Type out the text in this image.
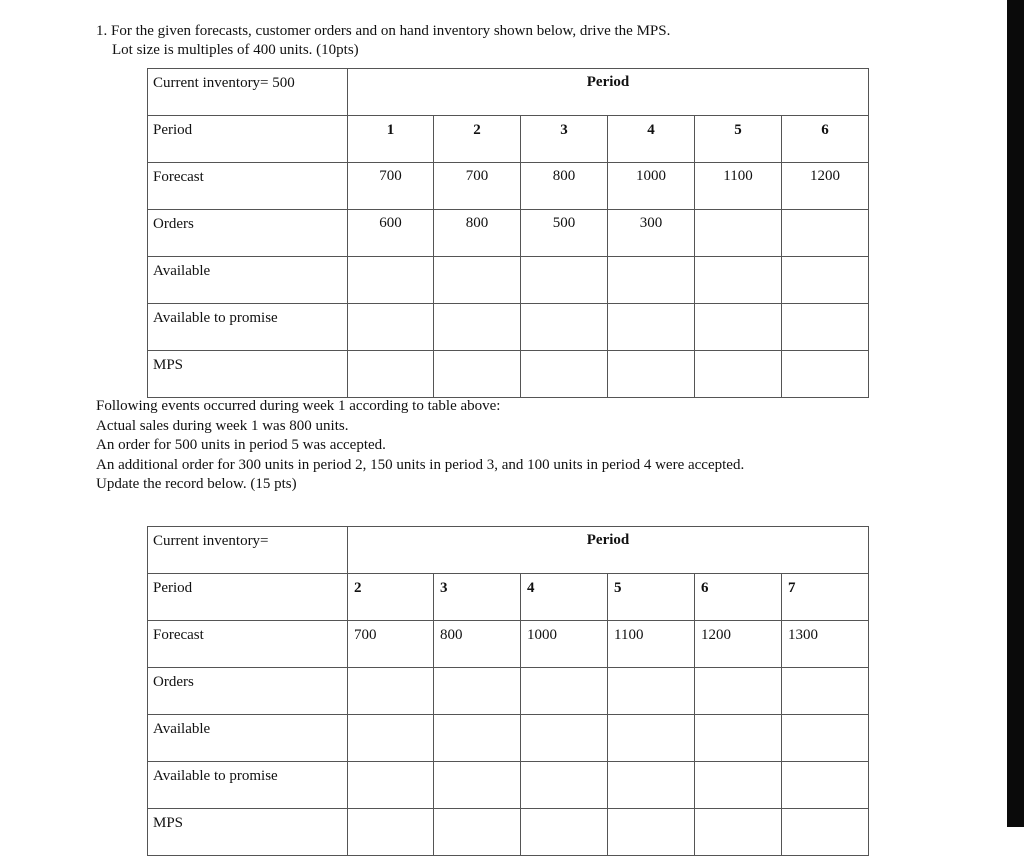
1. For the given forecasts, customer orders and on hand inventory shown below, drive the MPS.
Lot size is multiples of 400 units. (10pts)
Current inventory= 500	Period					
Period	1	2	3	4	5	6
Forecast	700	700	800	1000	1100	1200
Orders	600	800	500	300		
Available						
Available to promise						
MPS						
Following events occurred during week 1 according to table above:
Actual sales during week 1 was 800 units.
An order for 500 units in period 5 was accepted.
An additional order for 300 units in period 2, 150 units in period 3, and 100 units in period 4 were accepted.
Update the record below. (15 pts)
Current inventory=	Period					
Period	2	3	4	5	6	7
Forecast	700	800	1000	1100	1200	1300
Orders						
Available						
Available to promise						
MPS						
